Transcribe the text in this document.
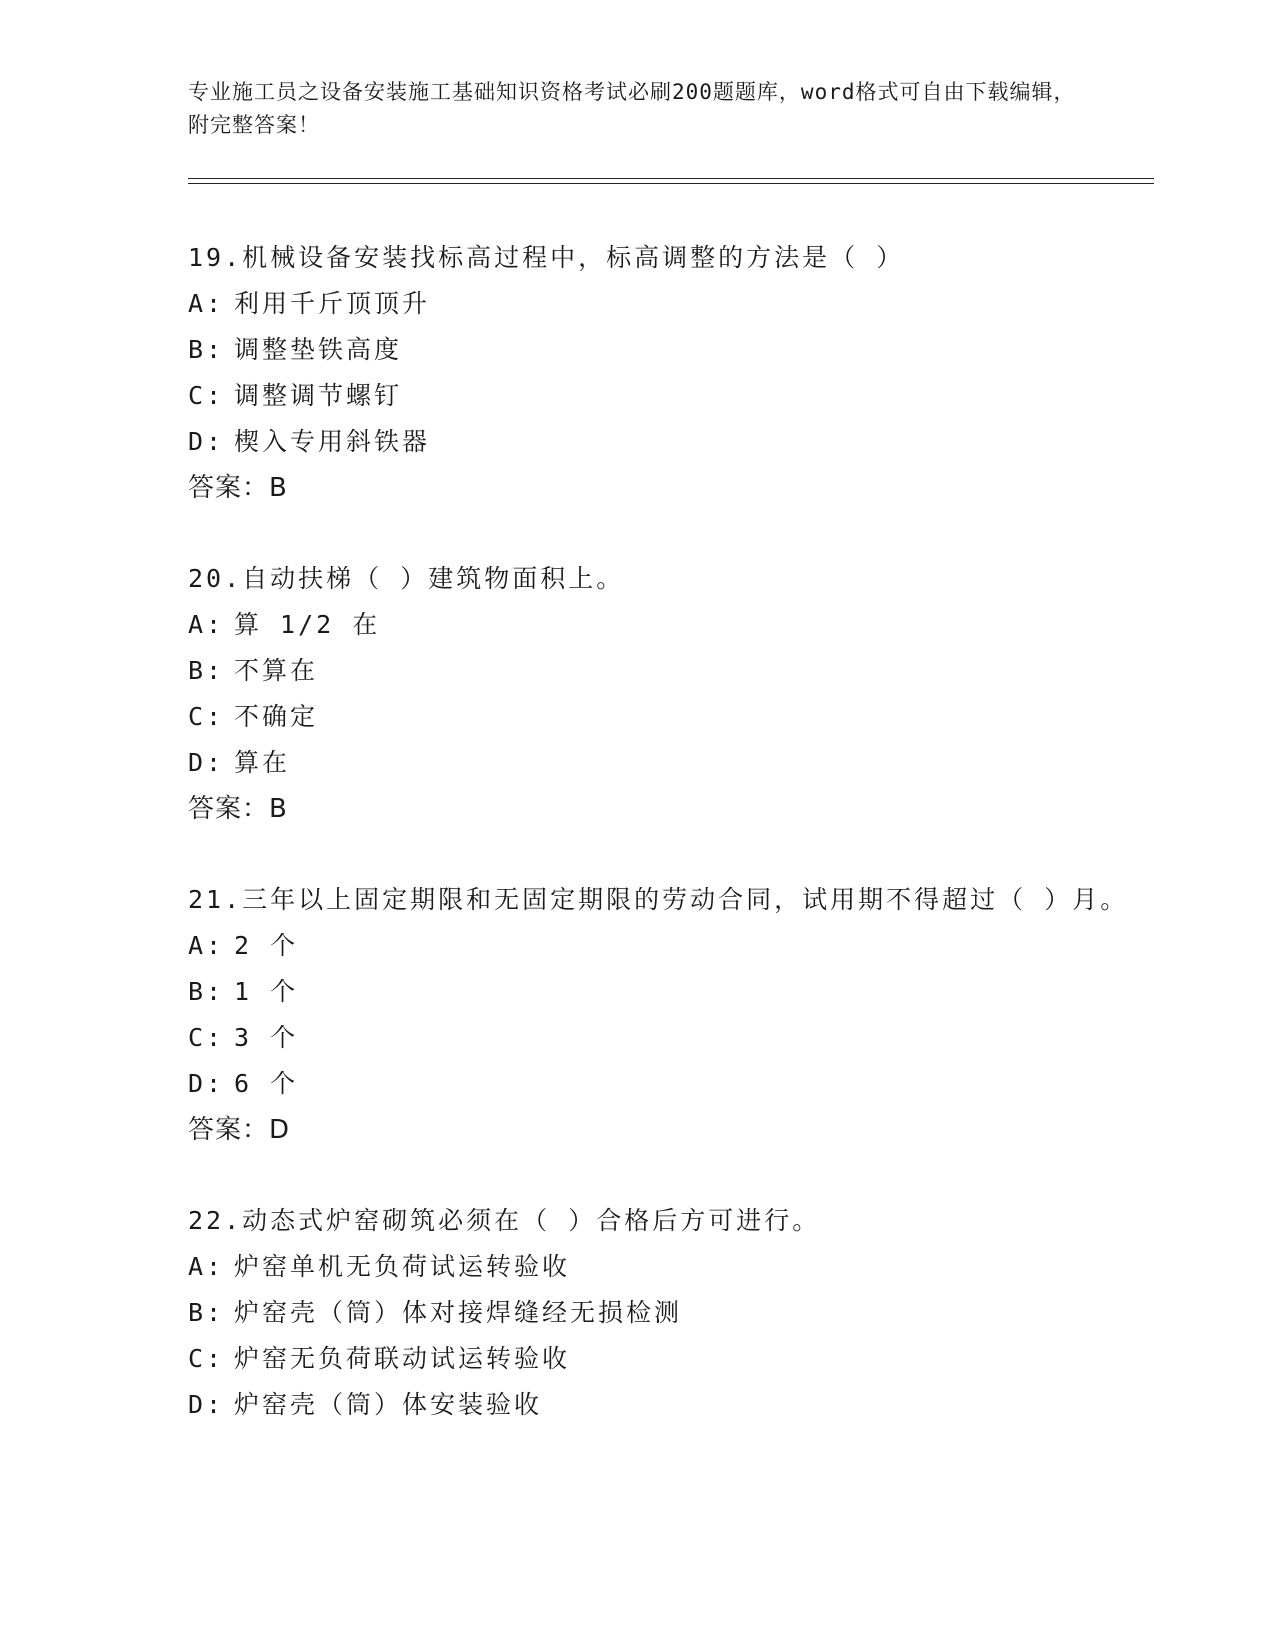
专业施工员之设备安装施工基础知识资格考试必刷200题题库，word格式可自由下载编辑，附完整答案！
19.机械设备安装找标高过程中，标高调整的方法是（ ）
A: 利用千斤顶顶升
B: 调整垫铁高度
C: 调整调节螺钉
D: 楔入专用斜铁器
答案：B
20.自动扶梯（ ）建筑物面积上。
A: 算 1/2 在
B: 不算在
C: 不确定
D: 算在
答案：B
21.三年以上固定期限和无固定期限的劳动合同，试用期不得超过（ ）月。
A: 2 个
B: 1 个
C: 3 个
D: 6 个
答案：D
22.动态式炉窑砌筑必须在（ ）合格后方可进行。
A: 炉窑单机无负荷试运转验收
B: 炉窑壳（筒）体对接焊缝经无损检测
C: 炉窑无负荷联动试运转验收
D: 炉窑壳（筒）体安装验收
